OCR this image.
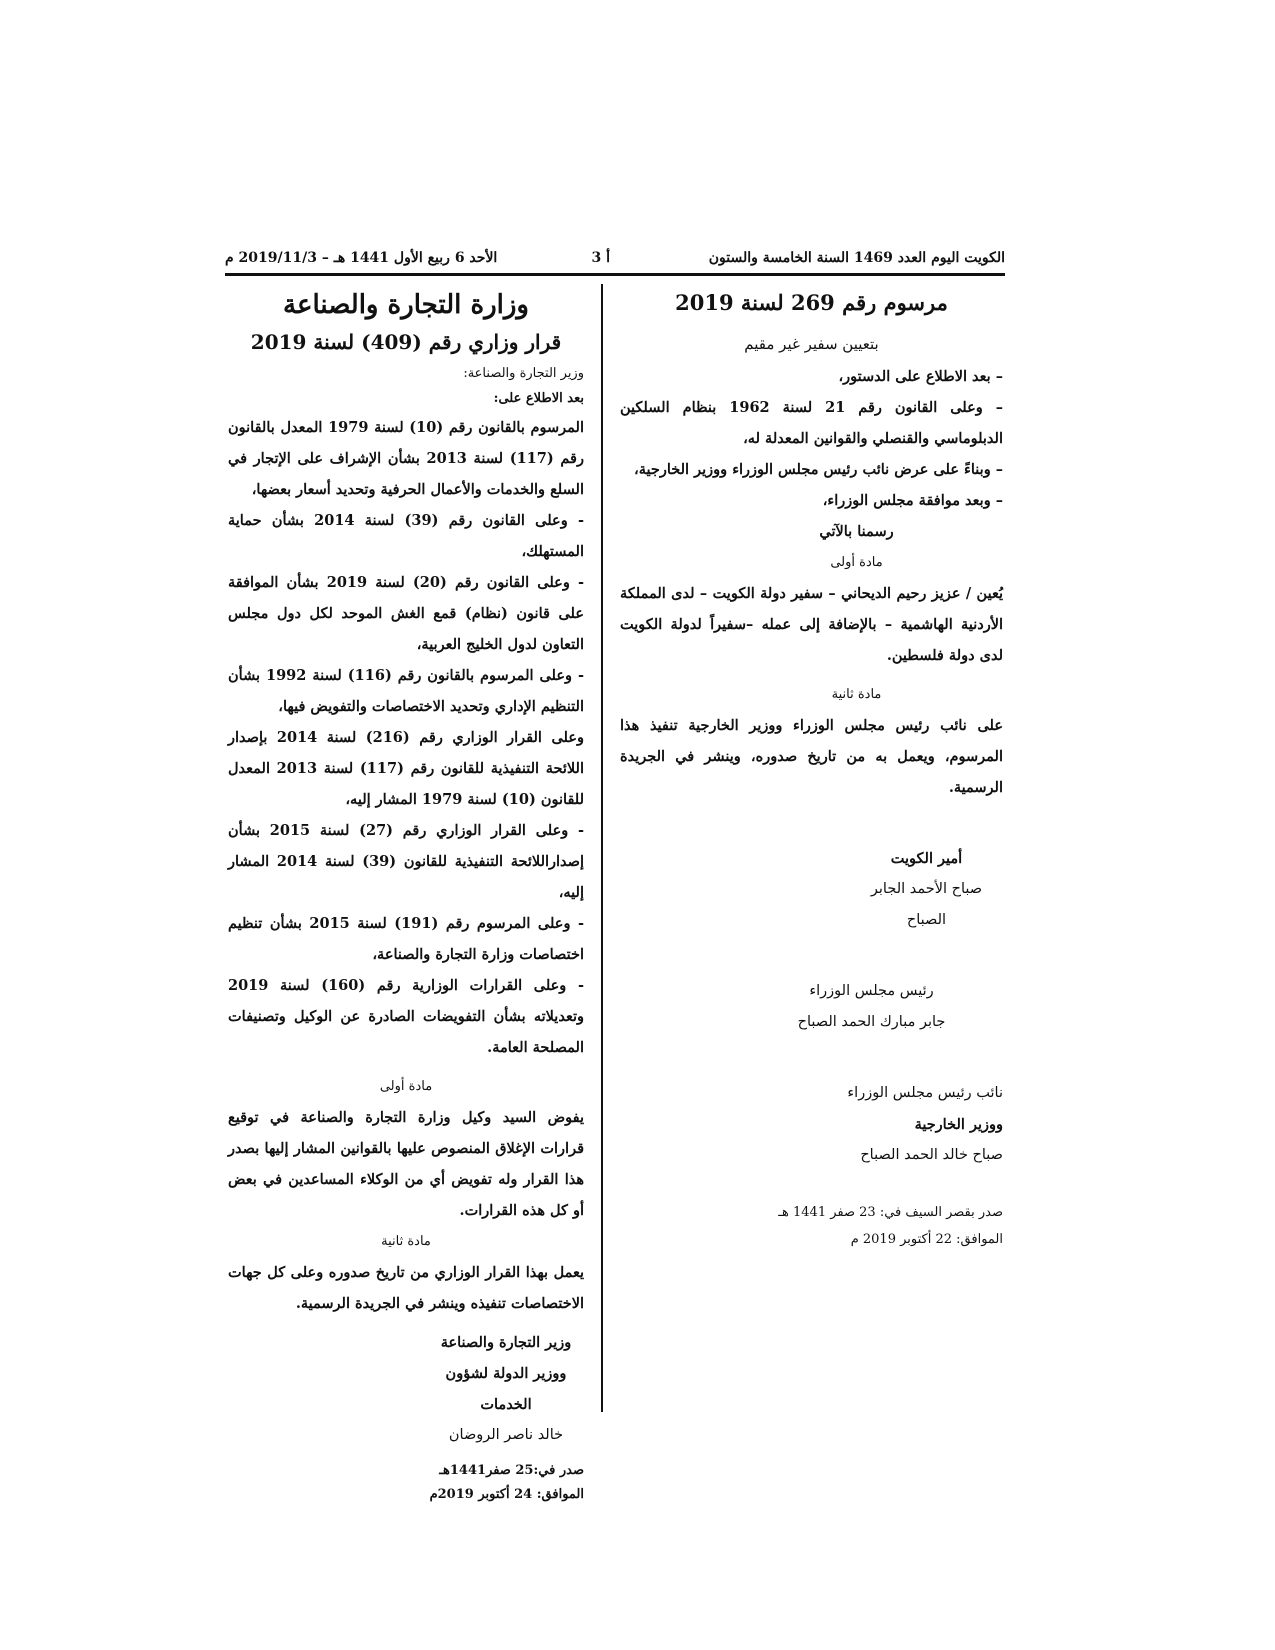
الكويت اليوم العدد 1469 السنة الخامسة والستون
أ 3
الأحد 6 ربيع الأول 1441 هـ – 2019/11/3 م
مرسوم رقم 269 لسنة 2019
بتعيين سفير غير مقيم

– بعد الاطلاع على الدستور،

– وعلى القانون رقم 21 لسنة 1962 بنظام السلكين الدبلوماسي والقنصلي والقوانين المعدلة له،

– وبناءً على عرض نائب رئيس مجلس الوزراء ووزير الخارجية،

– وبعد موافقة مجلس الوزراء،

رسمنا بالآتي

مادة أولى

يُعين / عزيز رحيم الديحاني – سفير دولة الكويت – لدى المملكة الأردنية الهاشمية – بالإضافة إلى عمله –سفيراً لدولة الكويت لدى دولة فلسطين.

مادة ثانية

على نائب رئيس مجلس الوزراء ووزير الخارجية تنفيذ هذا المرسوم، ويعمل به من تاريخ صدوره، وينشر في الجريدة الرسمية.

أمير الكويت

صباح الأحمد الجابر الصباح

رئيس مجلس الوزراء

جابر مبارك الحمد الصباح

نائب رئيس مجلس الوزراء

ووزير الخارجية

صباح خالد الحمد الصباح

صدر بقصر السيف في: 23 صفر 1441 هـ

الموافق: 22 أكتوبر 2019 م

وزارة التجارة والصناعة
قرار وزاري رقم (409) لسنة 2019

وزير التجارة والصناعة:

بعد الاطلاع على:

المرسوم بالقانون رقم (10) لسنة 1979 المعدل بالقانون رقم (117) لسنة 2013 بشأن الإشراف على الإتجار في السلع والخدمات والأعمال الحرفية وتحديد أسعار بعضها،

- وعلى القانون رقم (39) لسنة 2014 بشأن حماية المستهلك،

- وعلى القانون رقم (20) لسنة 2019 بشأن الموافقة على قانون (نظام) قمع الغش الموحد لكل دول مجلس التعاون لدول الخليج العربية،

- وعلى المرسوم بالقانون رقم (116) لسنة 1992 بشأن التنظيم الإداري وتحديد الاختصاصات والتفويض فيها،

وعلى القرار الوزاري رقم (216) لسنة 2014 بإصدار اللائحة التنفيذية للقانون رقم (117) لسنة 2013 المعدل للقانون (10) لسنة 1979 المشار إليه،

- وعلى القرار الوزاري رقم (27) لسنة 2015 بشأن إصداراللائحة التنفيذية للقانون (39) لسنة 2014 المشار إليه،

- وعلى المرسوم رقم (191) لسنة 2015 بشأن تنظيم اختصاصات وزارة التجارة والصناعة،

- وعلى القرارات الوزارية رقم (160) لسنة 2019 وتعديلاته بشأن التفويضات الصادرة عن الوكيل وتصنيفات المصلحة العامة.

مادة أولى

يفوض السيد وكيل وزارة التجارة والصناعة في توقيع قرارات الإغلاق المنصوص عليها بالقوانين المشار إليها بصدر هذا القرار وله تفويض أي من الوكلاء المساعدين في بعض أو كل هذه القرارات.

مادة ثانية

يعمل بهذا القرار الوزاري من تاريخ صدوره وعلى كل جهات الاختصاصات تنفيذه وينشر في الجريدة الرسمية.

وزير التجارة والصناعة

ووزير الدولة لشؤون الخدمات

خالد ناصر الروضان

صدر في:25 صفر1441هـ

الموافق: 24 أكتوبر 2019م
